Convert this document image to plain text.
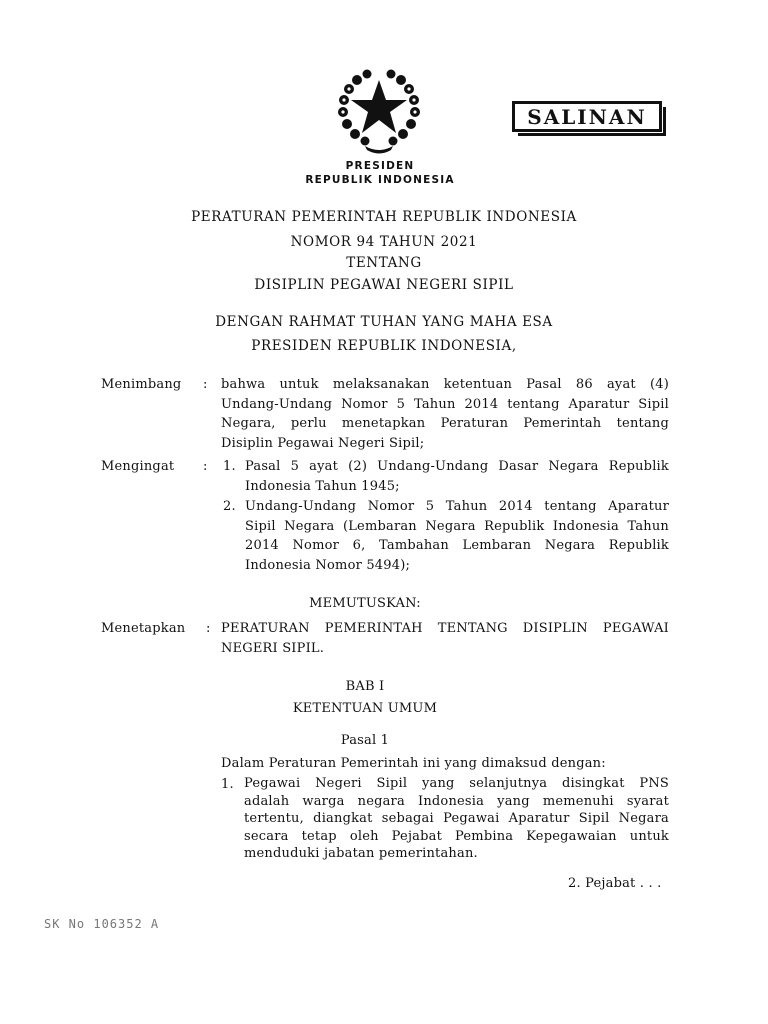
SALINAN
PRESIDEN
REPUBLIK INDONESIA
PERATURAN PEMERINTAH REPUBLIK INDONESIA
NOMOR 94 TAHUN 2021
TENTANG
DISIPLIN PEGAWAI NEGERI SIPIL
DENGAN RAHMAT TUHAN YANG MAHA ESA
PRESIDEN REPUBLIK INDONESIA,
Menimbang : bahwa untuk melaksanakan ketentuan Pasal 86 ayat (4)
Undang-Undang Nomor 5 Tahun 2014 tentang Aparatur Sipil
Negara, perlu menetapkan Peraturan Pemerintah tentang
Disiplin Pegawai Negeri Sipil;
Mengingat : 1. Pasal 5 ayat (2) Undang-Undang Dasar Negara Republik
Indonesia Tahun 1945;
2. Undang-Undang Nomor 5 Tahun 2014 tentang Aparatur
Sipil Negara (Lembaran Negara Republik Indonesia Tahun
2014 Nomor 6, Tambahan Lembaran Negara Republik
Indonesia Nomor 5494);
MEMUTUSKAN:
Menetapkan : PERATURAN PEMERINTAH TENTANG DISIPLIN PEGAWAI
NEGERI SIPIL.
BAB I
KETENTUAN UMUM
Pasal 1
Dalam Peraturan Pemerintah ini yang dimaksud dengan:
1. Pegawai Negeri Sipil yang selanjutnya disingkat PNS
adalah warga negara Indonesia yang memenuhi syarat
tertentu, diangkat sebagai Pegawai Aparatur Sipil Negara
secara tetap oleh Pejabat Pembina Kepegawaian untuk
menduduki jabatan pemerintahan.
2. Pejabat . . .
SK No 106352 A
